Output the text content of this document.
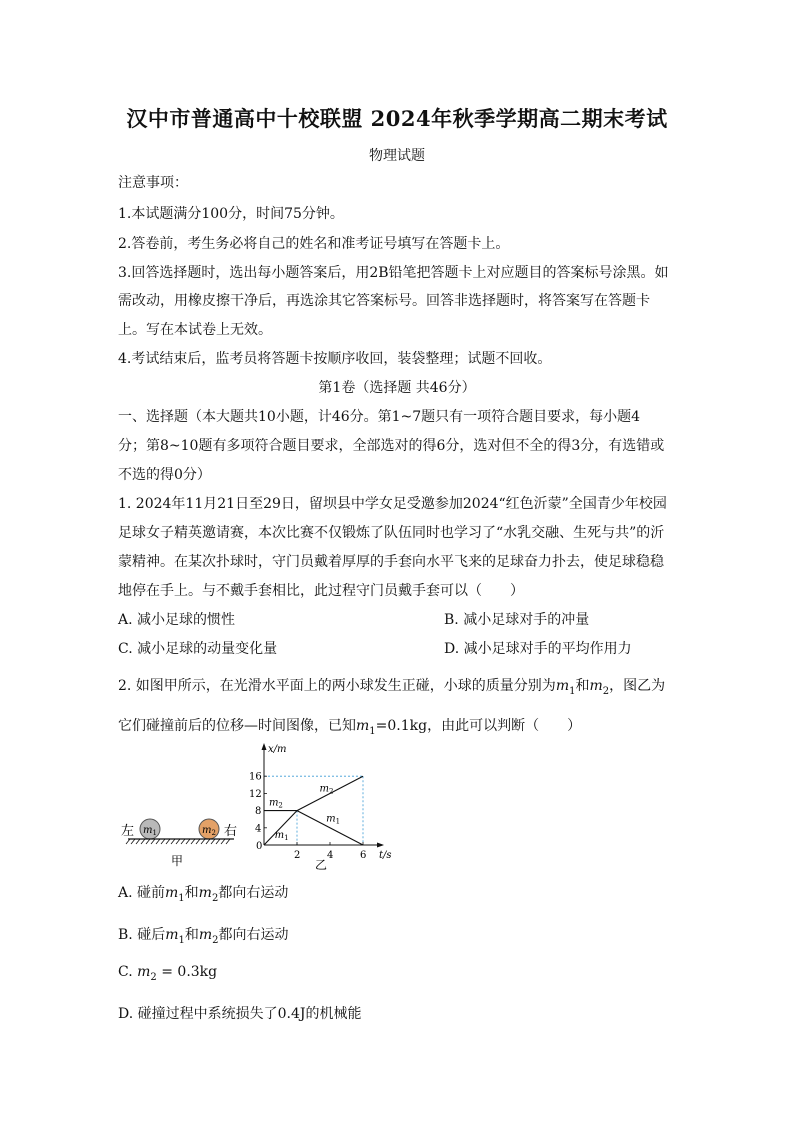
汉中市普通高中十校联盟 2024年秋季学期高二期末考试
物理试题
注意事项：
1.本试题满分100分，时间75分钟。
2.答卷前，考生务必将自己的姓名和准考证号填写在答题卡上。
3.回答选择题时，选出每小题答案后，用2B铅笔把答题卡上对应题目的答案标号涂黑。如
需改动，用橡皮擦干净后，再选涂其它答案标号。回答非选择题时，将答案写在答题卡
上。写在本试卷上无效。
4.考试结束后，监考员将答题卡按顺序收回，装袋整理；试题不回收。
第1卷（选择题 共46分）
一、选择题（本大题共10小题，计46分。第1~7题只有一项符合题目要求，每小题4
分；第8~10题有多项符合题目要求，全部选对的得6分，选对但不全的得3分，有选错或
不选的得0分）
1. 2024年11月21日至29日，留坝县中学女足受邀参加2024“红色沂蒙”全国青少年校园
足球女子精英邀请赛，本次比赛不仅锻炼了队伍同时也学习了“水乳交融、生死与共”的沂
蒙精神。在某次扑球时，守门员戴着厚厚的手套向水平飞来的足球奋力扑去，使足球稳稳
地停在手上。与不戴手套相比，此过程守门员戴手套可以（　　）
A. 减小足球的惯性	B. 减小足球对手的冲量
C. 减小足球的动量变化量	D. 减小足球对手的平均作用力
2. 如图甲所示，在光滑水平面上的两小球发生正碰，小球的质量分别为$m_1$和$m_2$，图乙为
它们碰撞前后的位移—时间图像，已知$m_1=0.1kg$，由此可以判断（　　）
左 $m_1$	$m_2$ 右
甲
x/m
t/s
0
4
8
12
16
2	4	6
$m_1$
$m_2$
$m_2$
$m_1$
乙
A. 碰前$m_1$和$m_2$都向右运动
B. 碰后$m_1$和$m_2$都向右运动
C. $m_2 = 0.3kg$
D. 碰撞过程中系统损失了0.4J的机械能
